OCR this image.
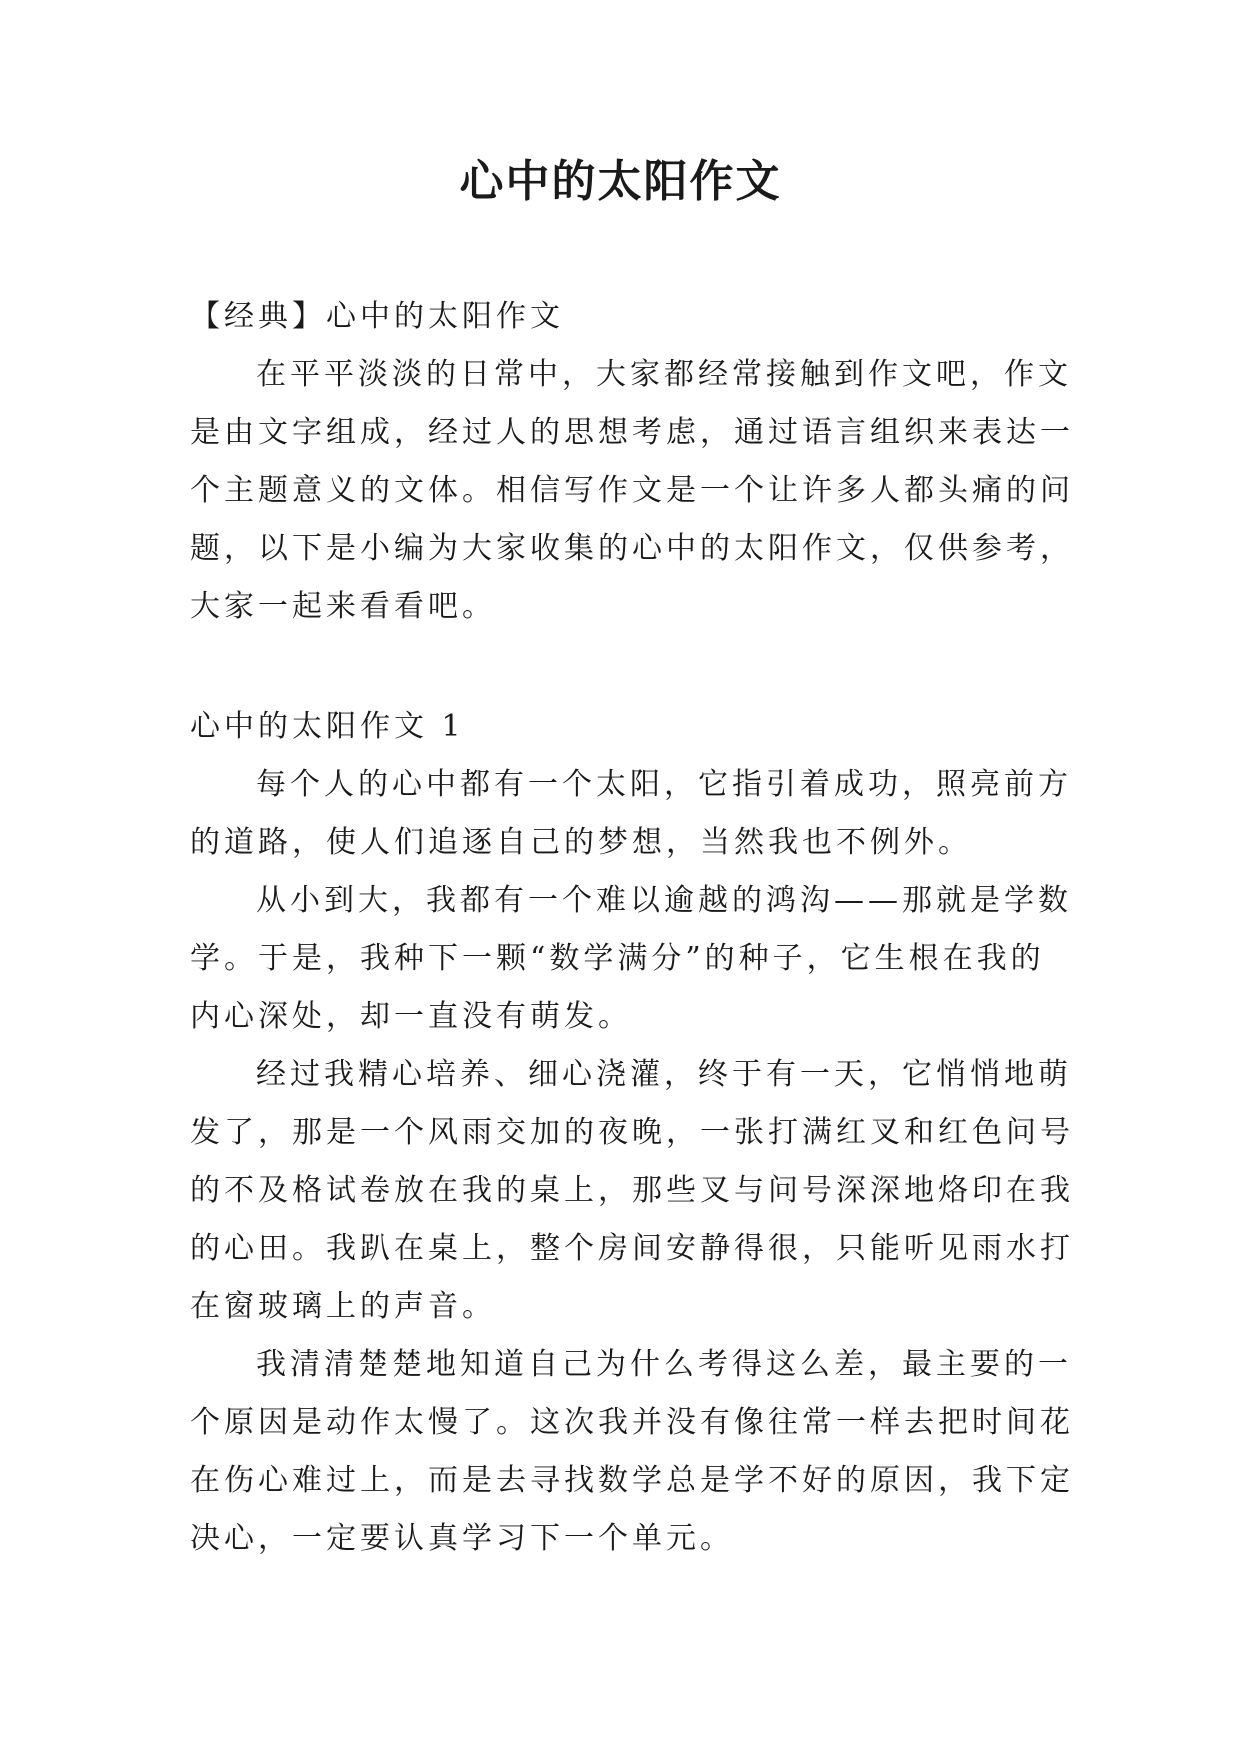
心中的太阳作文
【经典】心中的太阳作文
在平平淡淡的日常中，大家都经常接触到作文吧，作文
是由文字组成，经过人的思想考虑，通过语言组织来表达一
个主题意义的文体。相信写作文是一个让许多人都头痛的问
题，以下是小编为大家收集的心中的太阳作文，仅供参考，
大家一起来看看吧。
心中的太阳作文 1
每个人的心中都有一个太阳，它指引着成功，照亮前方
的道路，使人们追逐自己的梦想，当然我也不例外。
从小到大，我都有一个难以逾越的鸿沟——那就是学数
学。于是，我种下一颗“数学满分”的种子，它生根在我的
内心深处，却一直没有萌发。
经过我精心培养、细心浇灌，终于有一天，它悄悄地萌
发了，那是一个风雨交加的夜晚，一张打满红叉和红色问号
的不及格试卷放在我的桌上，那些叉与问号深深地烙印在我
的心田。我趴在桌上，整个房间安静得很，只能听见雨水打
在窗玻璃上的声音。
我清清楚楚地知道自己为什么考得这么差，最主要的一
个原因是动作太慢了。这次我并没有像往常一样去把时间花
在伤心难过上，而是去寻找数学总是学不好的原因，我下定
决心，一定要认真学习下一个单元。
